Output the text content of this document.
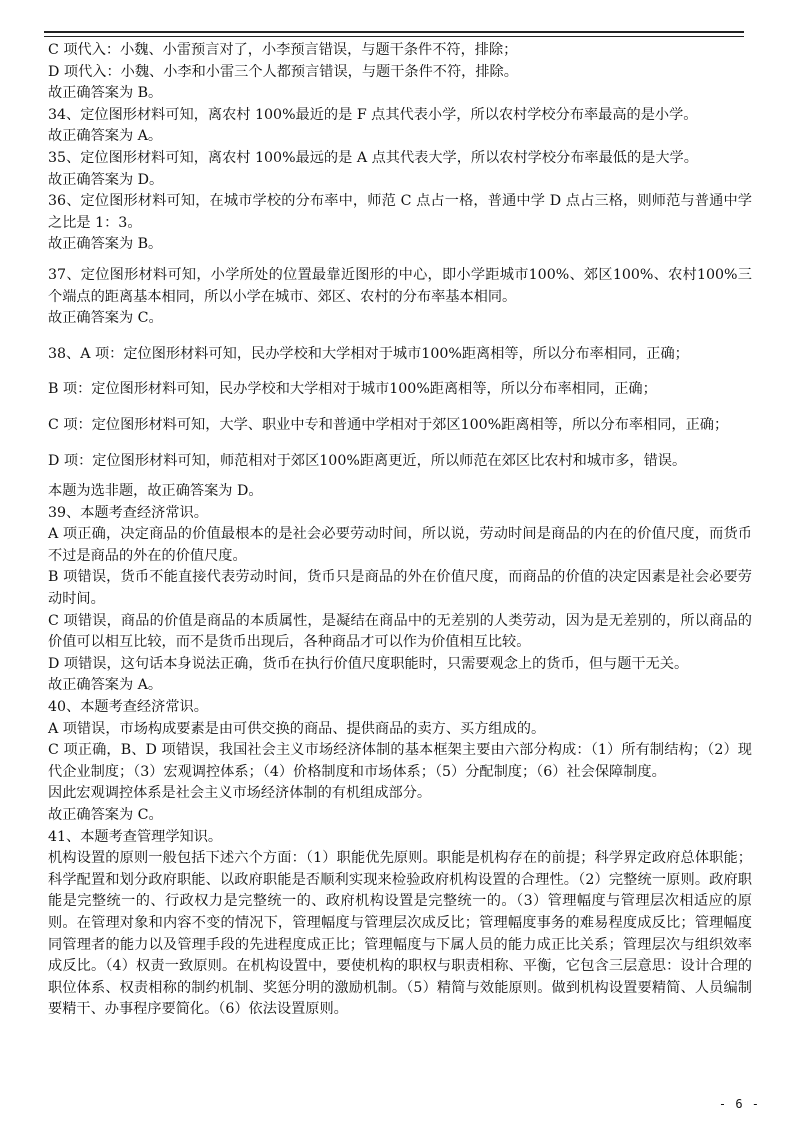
C 项代入：小魏、小雷预言对了，小李预言错误，与题干条件不符，排除；

D 项代入：小魏、小李和小雷三个人都预言错误，与题干条件不符，排除。

故正确答案为 B。

34、定位图形材料可知，离农村 100%最近的是 F 点其代表小学，所以农村学校分布率最高的是小学。

故正确答案为 A。

35、定位图形材料可知，离农村 100%最远的是 A 点其代表大学，所以农村学校分布率最低的是大学。

故正确答案为 D。

36、定位图形材料可知，在城市学校的分布率中，师范 C 点占一格，普通中学 D 点占三格，则师范与普通中学之比是 1：3。

故正确答案为 B。

37、定位图形材料可知，小学所处的位置最靠近图形的中心，即小学距城市100%、郊区100%、农村100%三个端点的距离基本相同，所以小学在城市、郊区、农村的分布率基本相同。

故正确答案为 C。

38、A 项：定位图形材料可知，民办学校和大学相对于城市100%距离相等，所以分布率相同，正确；

B 项：定位图形材料可知，民办学校和大学相对于城市100%距离相等，所以分布率相同，正确；

C 项：定位图形材料可知，大学、职业中专和普通中学相对于郊区100%距离相等，所以分布率相同，正确；

D 项：定位图形材料可知，师范相对于郊区100%距离更近，所以师范在郊区比农村和城市多，错误。

本题为选非题，故正确答案为 D。

39、本题考查经济常识。

A 项正确，决定商品的价值最根本的是社会必要劳动时间，所以说，劳动时间是商品的内在的价值尺度，而货币不过是商品的外在的价值尺度。

B 项错误，货币不能直接代表劳动时间，货币只是商品的外在价值尺度，而商品的价值的决定因素是社会必要劳动时间。

C 项错误，商品的价值是商品的本质属性，是凝结在商品中的无差别的人类劳动，因为是无差别的，所以商品的价值可以相互比较，而不是货币出现后，各种商品才可以作为价值相互比较。

D 项错误，这句话本身说法正确，货币在执行价值尺度职能时，只需要观念上的货币，但与题干无关。

故正确答案为 A。

40、本题考查经济常识。

A 项错误，市场构成要素是由可供交换的商品、提供商品的卖方、买方组成的。

C 项正确，B、D 项错误，我国社会主义市场经济体制的基本框架主要由六部分构成：（1）所有制结构；（2）现代企业制度；（3）宏观调控体系；（4）价格制度和市场体系；（5）分配制度；（6）社会保障制度。

因此宏观调控体系是社会主义市场经济体制的有机组成部分。

故正确答案为 C。

41、本题考查管理学知识。

机构设置的原则一般包括下述六个方面：（1）职能优先原则。职能是机构存在的前提；科学界定政府总体职能；科学配置和划分政府职能、以政府职能是否顺利实现来检验政府机构设置的合理性。（2）完整统一原则。政府职能是完整统一的、行政权力是完整统一的、政府机构设置是完整统一的。（3）管理幅度与管理层次相适应的原则。在管理对象和内容不变的情况下，管理幅度与管理层次成反比；管理幅度事务的难易程度成反比；管理幅度同管理者的能力以及管理手段的先进程度成正比；管理幅度与下属人员的能力成正比关系；管理层次与组织效率成反比。（4）权责一致原则。在机构设置中，要使机构的职权与职责相称、平衡，它包含三层意思：设计合理的职位体系、权责相称的制约机制、奖惩分明的激励机制。（5）精简与效能原则。做到机构设置要精简、人员编制要精干、办事程序要简化。（6）依法设置原则。

- 6 -
